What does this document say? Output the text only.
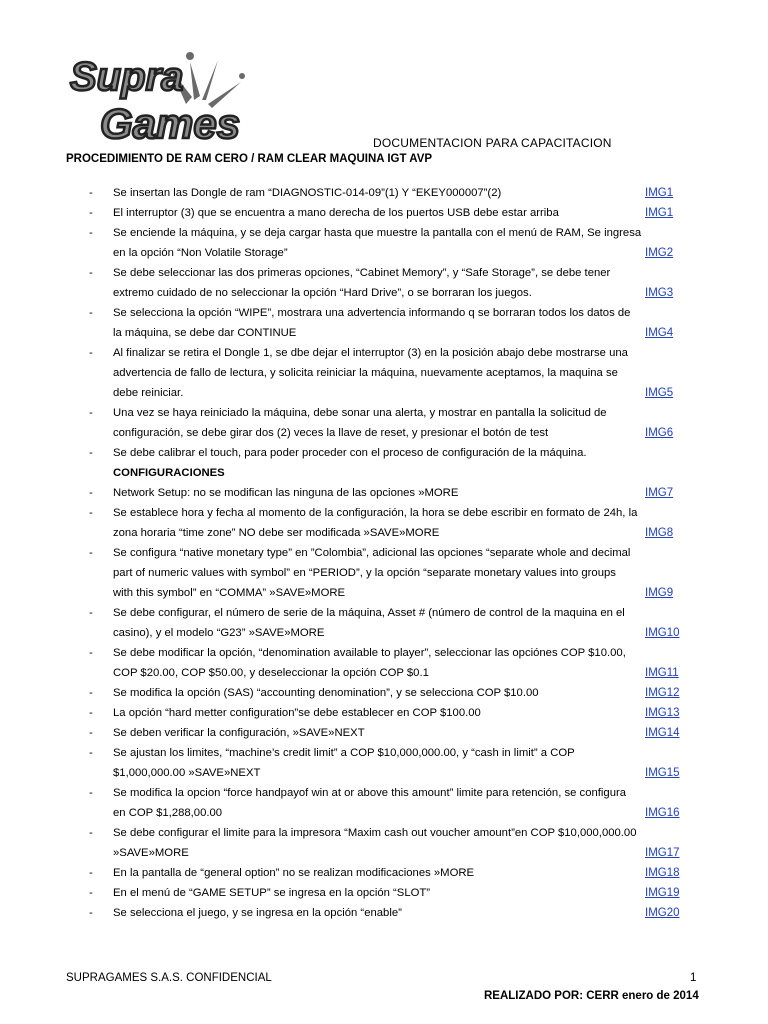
Supra
Games	DOCUMENTACION PARA CAPACITACION
PROCEDIMIENTO DE RAM CERO / RAM CLEAR MAQUINA IGT AVP
- Se insertan las Dongle de ram “DIAGNOSTIC-014-09”(1) Y “EKEY000007”(2)	IMG1
- El interruptor (3) que se encuentra a mano derecha de los puertos USB debe estar arriba	IMG1
- Se enciende la máquina, y se deja cargar hasta que muestre la pantalla con el menú de RAM, Se ingresa
en la opción “Non Volatile Storage”	IMG2
- Se debe seleccionar las dos primeras opciones, “Cabinet Memory”, y “Safe Storage”, se debe tener
extremo cuidado de no seleccionar la opción “Hard Drive”, o se borraran los juegos.	IMG3
- Se selecciona la opción “WIPE”, mostrara una advertencia informando q se borraran todos los datos de
la máquina, se debe dar CONTINUE	IMG4
- Al finalizar se retira el Dongle 1, se dbe dejar el interruptor (3) en la posición abajo debe mostrarse una
advertencia de fallo de lectura, y solicita reiniciar la máquina, nuevamente aceptamos, la maquina se
debe reiniciar.	IMG5
- Una vez se haya reiniciado la máquina, debe sonar una alerta, y mostrar en pantalla la solicitud de
configuración, se debe girar dos (2) veces la llave de reset, y presionar el botón de test	IMG6
- Se debe calibrar el touch, para poder proceder con el proceso de configuración de la máquina.
CONFIGURACIONES
- Network Setup: no se modifican las ninguna de las opciones »MORE	IMG7
- Se establece hora y fecha al momento de la configuración, la hora se debe escribir en formato de 24h, la
zona horaria “time zone” NO debe ser modificada »SAVE»MORE	IMG8
- Se configura “native monetary type” en ”Colombia”, adicional las opciones “separate whole and decimal
part of numeric values with symbol” en “PERIOD”, y la opción “separate monetary values into groups
with this symbol” en “COMMA” »SAVE»MORE	IMG9
- Se debe configurar, el número de serie de la máquina, Asset # (número de control de la maquina en el
casino), y el modelo “G23” »SAVE»MORE	IMG10
- Se debe modificar la opción, “denomination available to player”, seleccionar las opciónes COP $10.00,
COP $20.00, COP $50.00, y deseleccionar la opción COP $0.1	IMG11
- Se modifica la opción (SAS) “accounting denomination”, y se selecciona COP $10.00	IMG12
- La opción “hard metter configuration”se debe establecer en COP $100.00	IMG13
- Se deben verificar la configuración, »SAVE»NEXT	IMG14
- Se ajustan los limites, “machine’s credit limit” a COP $10,000,000.00, y “cash in limit” a COP
$1,000,000.00 »SAVE»NEXT	IMG15
- Se modifica la opcion “force handpayof win at or above this amount” limite para retención, se configura
en COP $1,288,00.00	IMG16
- Se debe configurar el limite para la impresora “Maxim cash out voucher amount”en COP $10,000,000.00
»SAVE»MORE	IMG17
- En la pantalla de “general option” no se realizan modificaciones »MORE	IMG18
- En el menú de “GAME SETUP” se ingresa en la opción “SLOT”	IMG19
- Se selecciona el juego, y se ingresa en la opción “enable”	IMG20
SUPRAGAMES S.A.S. CONFIDENCIAL	1
REALIZADO POR: CERR enero de 2014
